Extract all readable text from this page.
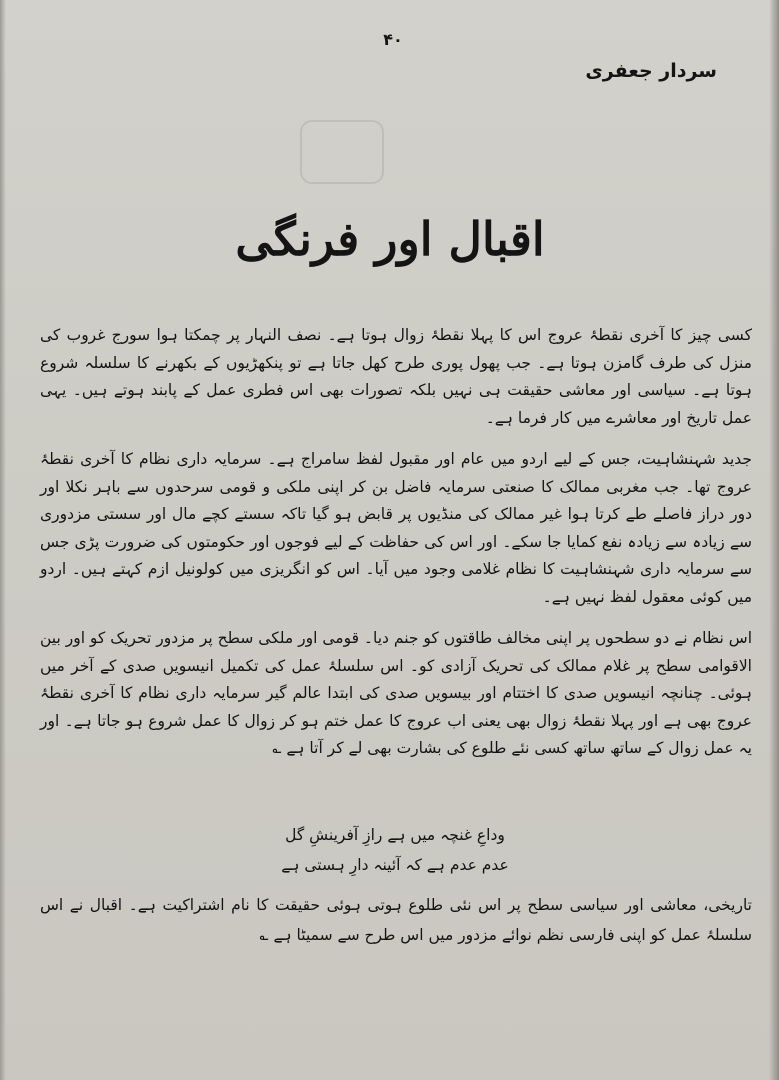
۴۰
سردار جعفری
اقبال اور فرنگی

کسی چیز کا آخری نقطۂ عروج اس کا پہلا نقطۂ زوال ہوتا ہے۔ نصف النہار پر چمکتا ہوا سورج غروب کی منزل کی طرف گامزن ہوتا ہے۔ جب پھول پوری طرح کھل جاتا ہے تو پنکھڑیوں کے بکھرنے کا سلسلہ شروع ہوتا ہے۔ سیاسی اور معاشی حقیقت ہی نہیں بلکہ تصورات بھی اس فطری عمل کے پابند ہوتے ہیں۔ یہی عمل تاریخ اور معاشرے میں کار فرما ہے۔

جدید شہنشاہیت، جس کے لیے اردو میں عام اور مقبول لفظ سامراج ہے۔ سرمایہ داری نظام کا آخری نقطۂ عروج تھا۔ جب مغربی ممالک کا صنعتی سرمایہ فاضل بن کر اپنی ملکی و قومی سرحدوں سے باہر نکلا اور دور دراز فاصلے طے کرتا ہوا غیر ممالک کی منڈیوں پر قابض ہو گیا تاکہ سستے کچے مال اور سستی مزدوری سے زیادہ سے زیادہ نفع کمایا جا سکے۔ اور اس کی حفاظت کے لیے فوجوں اور حکومتوں کی ضرورت پڑی جس سے سرمایہ داری شہنشاہیت کا نظام غلامی وجود میں آیا۔ اس کو انگریزی میں کولونیل ازم کہتے ہیں۔ اردو میں کوئی معقول لفظ نہیں ہے۔

اس نظام نے دو سطحوں پر اپنی مخالف طاقتوں کو جنم دیا۔ قومی اور ملکی سطح پر مزدور تحریک کو اور بین الاقوامی سطح پر غلام ممالک کی تحریک آزادی کو۔ اس سلسلۂ عمل کی تکمیل انیسویں صدی کے آخر میں ہوئی۔ چنانچہ انیسویں صدی کا اختتام اور بیسویں صدی کی ابتدا عالم گیر سرمایہ داری نظام کا آخری نقطۂ عروج بھی ہے اور پہلا نقطۂ زوال بھی یعنی اب عروج کا عمل ختم ہو کر زوال کا عمل شروع ہو جاتا ہے۔ اور یہ عمل زوال کے ساتھ ساتھ کسی نئے طلوع کی بشارت بھی لے کر آتا ہے ؎

وداعِ غنچہ میں ہے رازِ آفرینشِ گل

عدم عدم ہے کہ آئینہ دارِ ہستی ہے

تاریخی، معاشی اور سیاسی سطح پر اس نئی طلوع ہوتی ہوئی حقیقت کا نام اشتراکیت ہے۔ اقبال نے اس سلسلۂ عمل کو اپنی فارسی نظم نوائے مزدور میں اس طرح سے سمیٹا ہے ؎
